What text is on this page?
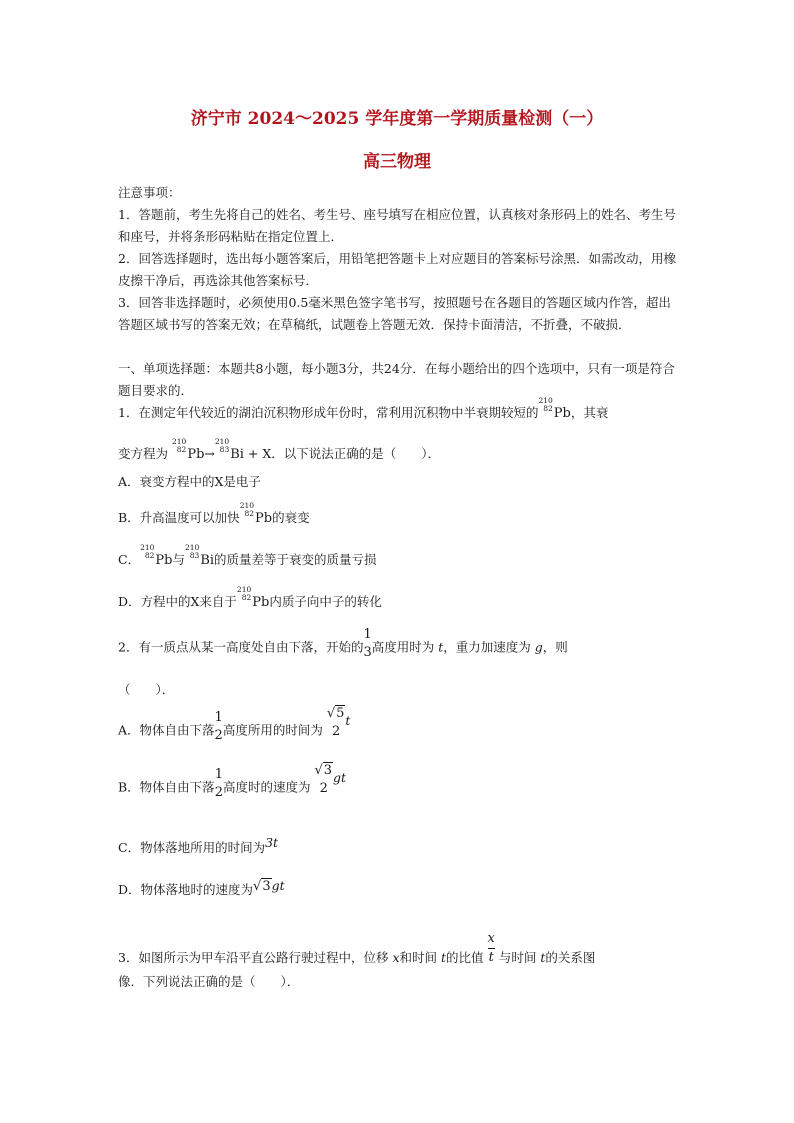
济宁市 2024～2025 学年度第一学期质量检测（一）
高三物理
注意事项：
1．答题前，考生先将自己的姓名、考生号、座号填写在相应位置，认真核对条形码上的姓名、考生号和座号，并将条形码粘贴在指定位置上．
2．回答选择题时，选出每小题答案后，用铅笔把答题卡上对应题目的答案标号涂黑．如需改动，用橡皮擦干净后，再选涂其他答案标号．
3．回答非选择题时，必须使用0.5毫米黑色签字笔书写，按照题号在各题目的答题区域内作答，超出答题区域书写的答案无效；在草稿纸，试题卷上答题无效．保持卡面清洁，不折叠，不破损．
一、单项选择题：本题共8小题，每小题3分，共24分．在每小题给出的四个选项中，只有一项是符合题目要求的．
1．在测定年代较近的湖泊沉积物形成年份时，常利用沉积物中半衰期较短的
210
82 Pb，其衰
变方程为
210
82 Pb→
210
83 Bi + X．以下说法正确的是（　　）．
A．衰变方程中的X是电子
B．升高温度可以加快
210
82 Pb的衰变
C．
210
82 Pb与
210
83 Bi的质量差等于衰变的质量亏损
D．方程中的X来自于
210
82 Pb内质子向中子的转化
2．有一质点从某一高度处自由下落，开始的
1
3 高度用时为 t，重力加速度为 g，则
（　　）．
A．物体自由下落
1
2 高度所用的时间为
√5
2
t
B．物体自由下落
1
2 高度时的速度为
√3
2
gt
C．物体落地所用的时间为3t
D．物体落地时的速度为√3gt
3．如图所示为甲车沿平直公路行驶过程中，位移 x和时间 t的比值 $\frac{x}{t}$ 与时间 t的关系图
像．下列说法正确的是（　　）．
